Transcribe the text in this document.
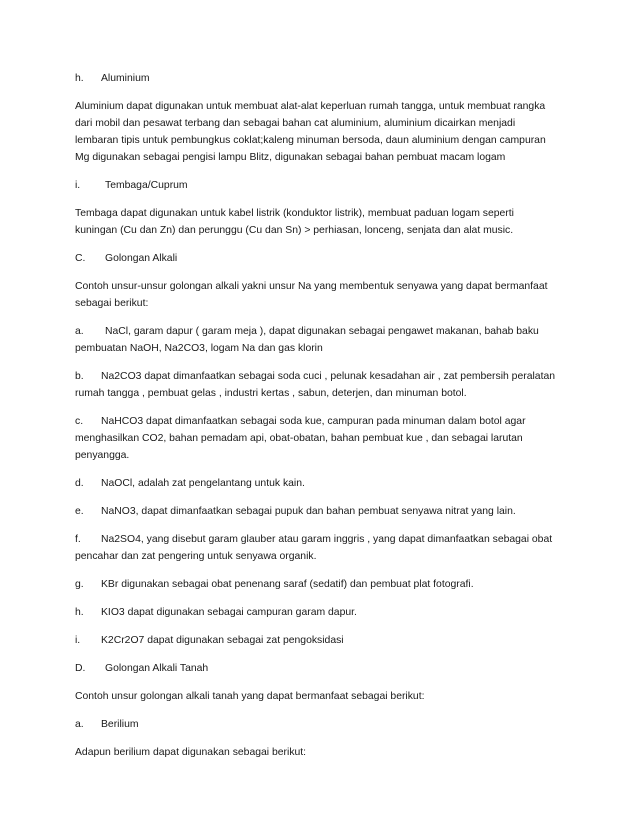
h.	Aluminium

Aluminium dapat digunakan untuk membuat alat-alat keperluan rumah tangga, untuk membuat rangka

dari mobil dan pesawat terbang dan sebagai bahan cat aluminium, aluminium dicairkan menjadi

lembaran tipis untuk pembungkus coklat;kaleng minuman bersoda, daun aluminium dengan campuran

Mg digunakan sebagai pengisi lampu Blitz, digunakan sebagai bahan pembuat macam logam

i.	Tembaga/Cuprum

Tembaga dapat digunakan untuk kabel listrik (konduktor listrik), membuat paduan logam seperti

kuningan (Cu dan Zn) dan perunggu (Cu dan Sn) > perhiasan, lonceng, senjata dan alat music.

C.	Golongan Alkali

Contoh unsur-unsur golongan alkali yakni unsur Na yang membentuk senyawa yang dapat bermanfaat

sebagai berikut:

a. NaCl, garam dapur ( garam meja ), dapat digunakan sebagai pengawet makanan, bahab baku

pembuatan NaOH, Na2CO3, logam Na dan gas klorin

b. Na2CO3 dapat dimanfaatkan sebagai soda cuci , pelunak kesadahan air , zat pembersih peralatan

rumah tangga , pembuat gelas , industri kertas , sabun, deterjen, dan minuman botol.

c. NaHCO3 dapat dimanfaatkan sebagai soda kue, campuran pada minuman dalam botol agar

menghasilkan CO2, bahan pemadam api, obat-obatan, bahan pembuat kue , dan sebagai larutan

penyangga.

d. NaOCl, adalah zat pengelantang untuk kain.

e. NaNO3, dapat dimanfaatkan sebagai pupuk dan bahan pembuat senyawa nitrat yang lain.

f. Na2SO4, yang disebut garam glauber atau garam inggris , yang dapat dimanfaatkan sebagai obat

pencahar dan zat pengering untuk senyawa organik.

g. KBr digunakan sebagai obat penenang saraf (sedatif) dan pembuat plat fotografi.

h. KIO3 dapat digunakan sebagai campuran garam dapur.

i. K2Cr2O7 dapat digunakan sebagai zat pengoksidasi

D.	Golongan Alkali Tanah

Contoh unsur golongan alkali tanah yang dapat bermanfaat sebagai berikut:

a.	Berilium

Adapun berilium dapat digunakan sebagai berikut:
